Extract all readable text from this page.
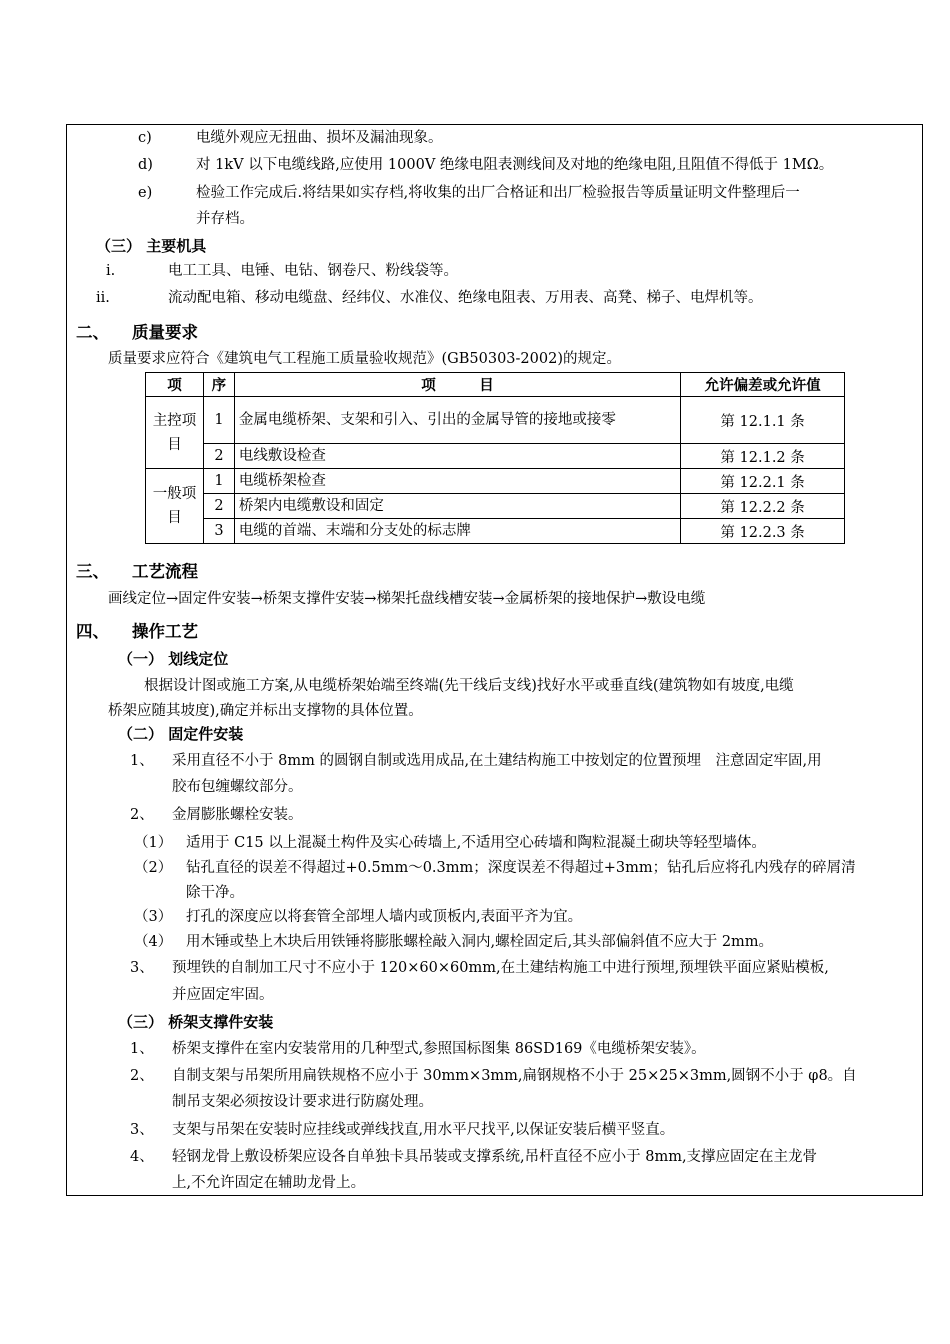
c)	电缆外观应无扭曲、损坏及漏油现象。
d)	对 1kV 以下电缆线路,应使用 1000V 绝缘电阻表测线间及对地的绝缘电阻,且阻值不得低于 1MΩ。
e)	检验工作完成后.将结果如实存档,将收集的出厂合格证和出厂检验报告等质量证明文件整理后一
并存档。
（三） 主要机具
i.	电工工具、电锤、电钻、钢卷尺、粉线袋等。
ii.	流动配电箱、移动电缆盘、经纬仪、水准仪、绝缘电阻表、万用表、高凳、梯子、电焊机等。
二、 质量要求
质量要求应符合《建筑电气工程施工质量验收规范》(GB50303-2002)的规定。
项	序	项　　　目	允许偏差或允许值
主控项目	1	金属电缆桥架、支架和引入、引出的金属导管的接地或接零	第 12.1.1 条
	2	电线敷设检查	第 12.1.2 条
一般项目	1	电缆桥架检查	第 12.2.1 条
	2	桥架内电缆敷设和固定	第 12.2.2 条
	3	电缆的首端、末端和分支处的标志牌	第 12.2.3 条
三、 工艺流程
画线定位→固定件安装→桥架支撑件安装→梯架托盘线槽安装→金属桥架的接地保护→敷设电缆
四、 操作工艺
（一） 划线定位
根据设计图或施工方案,从电缆桥架始端至终端(先干线后支线)找好水平或垂直线(建筑物如有坡度,电缆
桥架应随其坡度),确定并标出支撑物的具体位置。
（二） 固定件安装
1、 采用直径不小于 8mm 的圆钢自制或选用成品,在土建结构施工中按划定的位置预埋　注意固定牢固,用
胶布包缠螺纹部分。
2、 金屑膨胀螺栓安装。
（1） 适用于 C15 以上混凝土构件及实心砖墙上,不适用空心砖墙和陶粒混凝土砌块等轻型墙体。
（2） 钻孔直径的误差不得超过+0.5mm～0.3mm；深度误差不得超过+3mm；钻孔后应将孔内残存的碎屑清
除干净。
（3） 打孔的深度应以将套管全部埋人墙内或顶板内,表面平齐为宜。
（4） 用木锤或垫上木块后用铁锤将膨胀螺栓敲入洞内,螺栓固定后,其头部偏斜值不应大于 2mm。
3、 预埋铁的自制加工尺寸不应小于 120×60×60mm,在土建结构施工中进行预埋,预埋铁平面应紧贴模板,
并应固定牢固。
（三） 桥架支撑件安装
1、 桥架支撑件在室内安装常用的几种型式,参照国标图集 86SD169《电缆桥架安装》。
2、 自制支架与吊架所用扁铁规格不应小于 30mm×3mm,扁钢规格不小于 25×25×3mm,圆钢不小于 φ8。自
制吊支架必须按设计要求进行防腐处理。
3、 支架与吊架在安装时应挂线或弹线找直,用水平尺找平,以保证安装后横平竖直。
4、 轻钢龙骨上敷设桥架应设各自单独卡具吊装或支撑系统,吊杆直径不应小于 8mm,支撑应固定在主龙骨
上,不允许固定在辅助龙骨上。
